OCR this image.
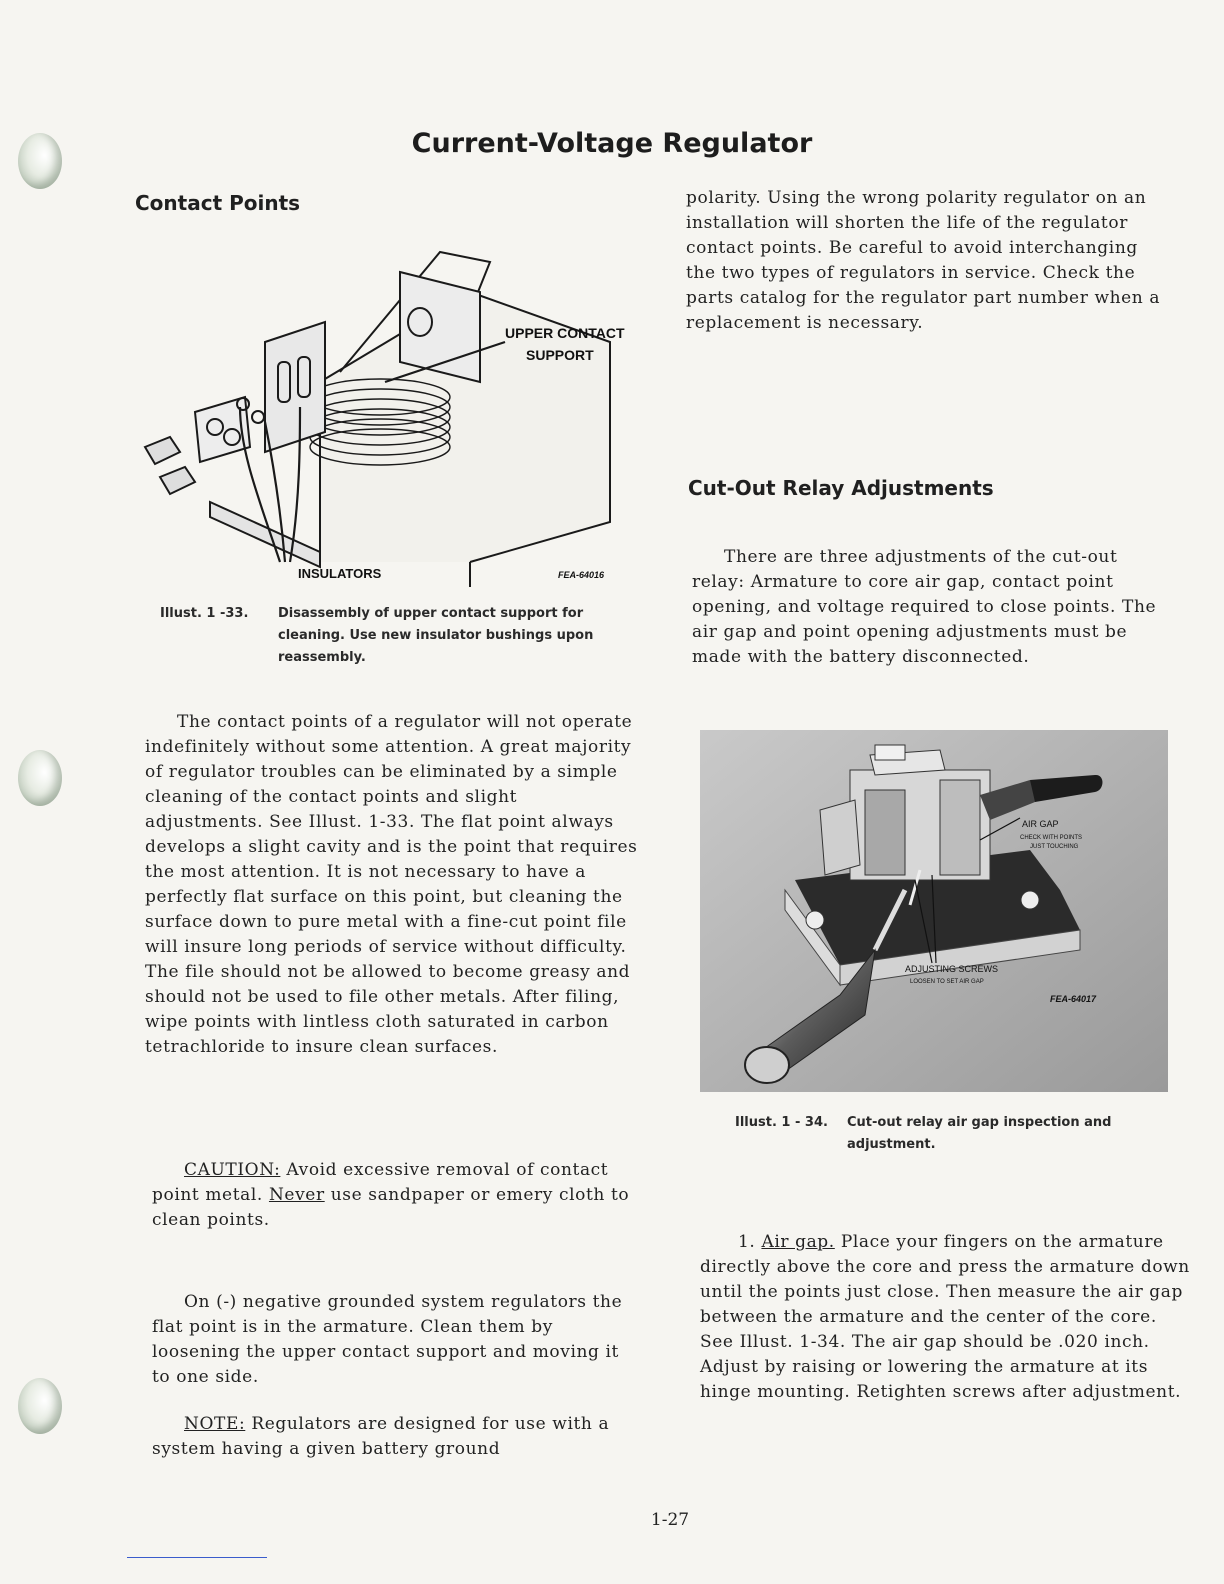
Current-Voltage Regulator
Contact Points
UPPER CONTACT
SUPPORT
INSULATORS	FEA-64016
Illust. 1 -33. Disassembly of upper contact support for cleaning. Use new insulator bushings upon reassembly.

The contact points of a regulator will not operate indefinitely without some attention. A great majority of regulator troubles can be eliminated by a simple cleaning of the contact points and slight adjustments. See Illust. 1-33. The flat point always develops a slight cavity and is the point that requires the most attention. It is not necessary to have a perfectly flat surface on this point, but cleaning the surface down to pure metal with a fine-cut point file will insure long periods of service without difficulty. The file should not be allowed to become greasy and should not be used to file other metals. After filing, wipe points with lintless cloth saturated in carbon tetrachloride to insure clean surfaces.

CAUTION: Avoid excessive removal of contact point metal. Never use sandpaper or emery cloth to clean points.

On (-) negative grounded system regulators the flat point is in the armature. Clean them by loosening the upper contact support and moving it to one side.

NOTE: Regulators are designed for use with a system having a given battery ground

polarity. Using the wrong polarity regulator on an installation will shorten the life of the regulator contact points. Be careful to avoid interchanging the two types of regulators in service. Check the parts catalog for the regulator part number when a replacement is necessary.

Cut-Out Relay Adjustments

There are three adjustments of the cut-out relay: Armature to core air gap, contact point opening, and voltage required to close points. The air gap and point opening adjustments must be made with the battery disconnected.

AIR GAP
CHECK WITH POINTS
JUST TOUCHING
ADJUSTING SCREWS
LOOSEN TO SET AIR GAP
FEA-64017
Illust. 1 - 34. Cut-out relay air gap inspection and adjustment.

1. Air gap. Place your fingers on the armature directly above the core and press the armature down until the points just close. Then measure the air gap between the armature and the center of the core. See Illust. 1-34. The air gap should be .020 inch. Adjust by raising or lowering the armature at its hinge mounting. Retighten screws after adjustment.

1-27
